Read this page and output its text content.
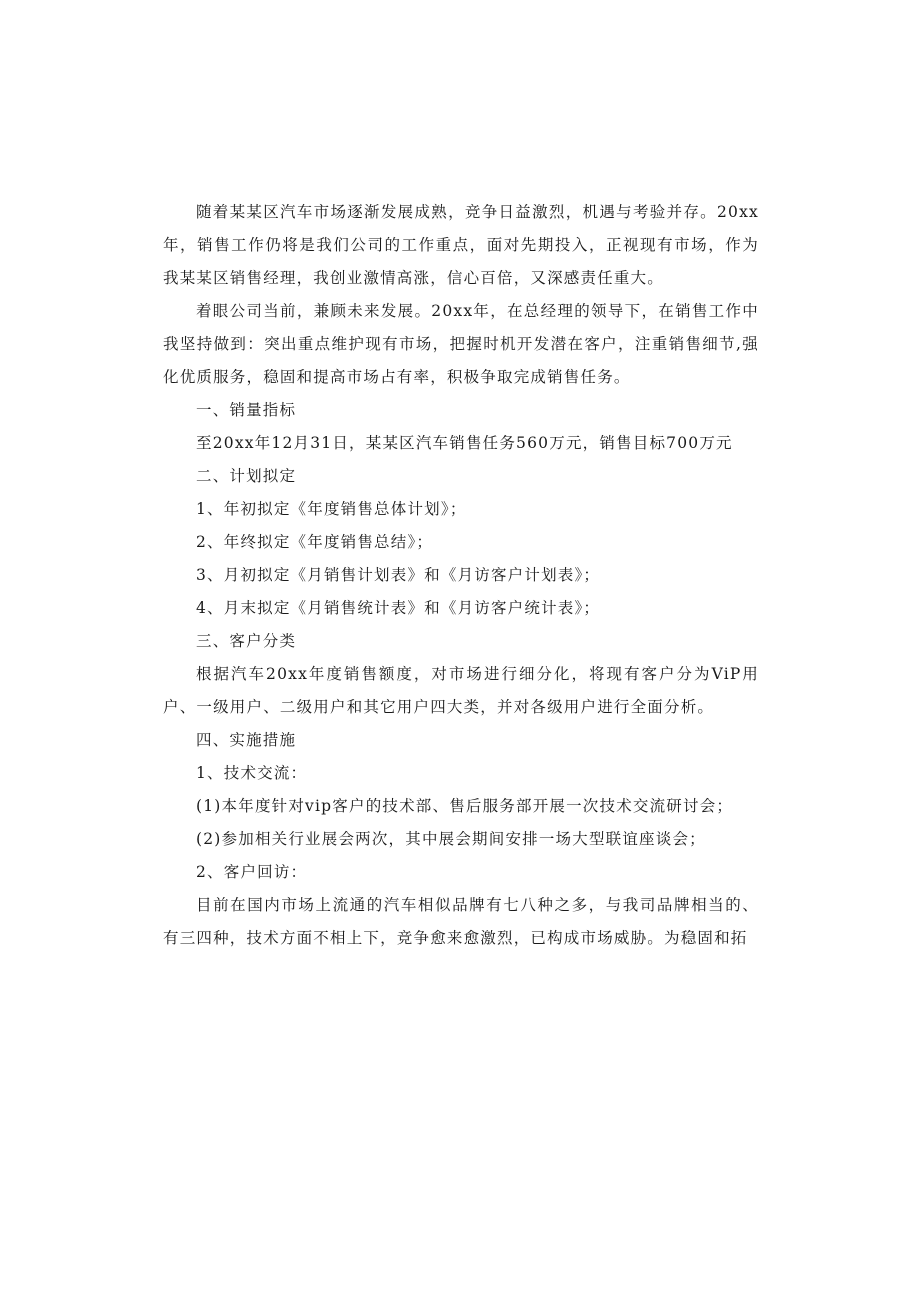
随着某某区汽车市场逐渐发展成熟，竞争日益激烈，机遇与考验并存。20xx年，销售工作仍将是我们公司的工作重点，面对先期投入，正视现有市场，作为我某某区销售经理，我创业激情高涨，信心百倍，又深感责任重大。

着眼公司当前，兼顾未来发展。20xx年，在总经理的领导下，在销售工作中我坚持做到：突出重点维护现有市场，把握时机开发潜在客户，注重销售细节,强化优质服务，稳固和提高市场占有率，积极争取完成销售任务。

一、销量指标

至20xx年12月31日，某某区汽车销售任务560万元，销售目标700万元

二、计划拟定

1、年初拟定《年度销售总体计划》；

2、年终拟定《年度销售总结》；

3、月初拟定《月销售计划表》和《月访客户计划表》；

4、月末拟定《月销售统计表》和《月访客户统计表》；

三、客户分类

根据汽车20xx年度销售额度，对市场进行细分化，将现有客户分为ViP用户、一级用户、二级用户和其它用户四大类，并对各级用户进行全面分析。

四、实施措施

1、技术交流：

(1)本年度针对vip客户的技术部、售后服务部开展一次技术交流研讨会；

(2)参加相关行业展会两次，其中展会期间安排一场大型联谊座谈会；

2、客户回访：

目前在国内市场上流通的汽车相似品牌有七八种之多，与我司品牌相当的、有三四种，技术方面不相上下，竞争愈来愈激烈，已构成市场威胁。为稳固和拓
